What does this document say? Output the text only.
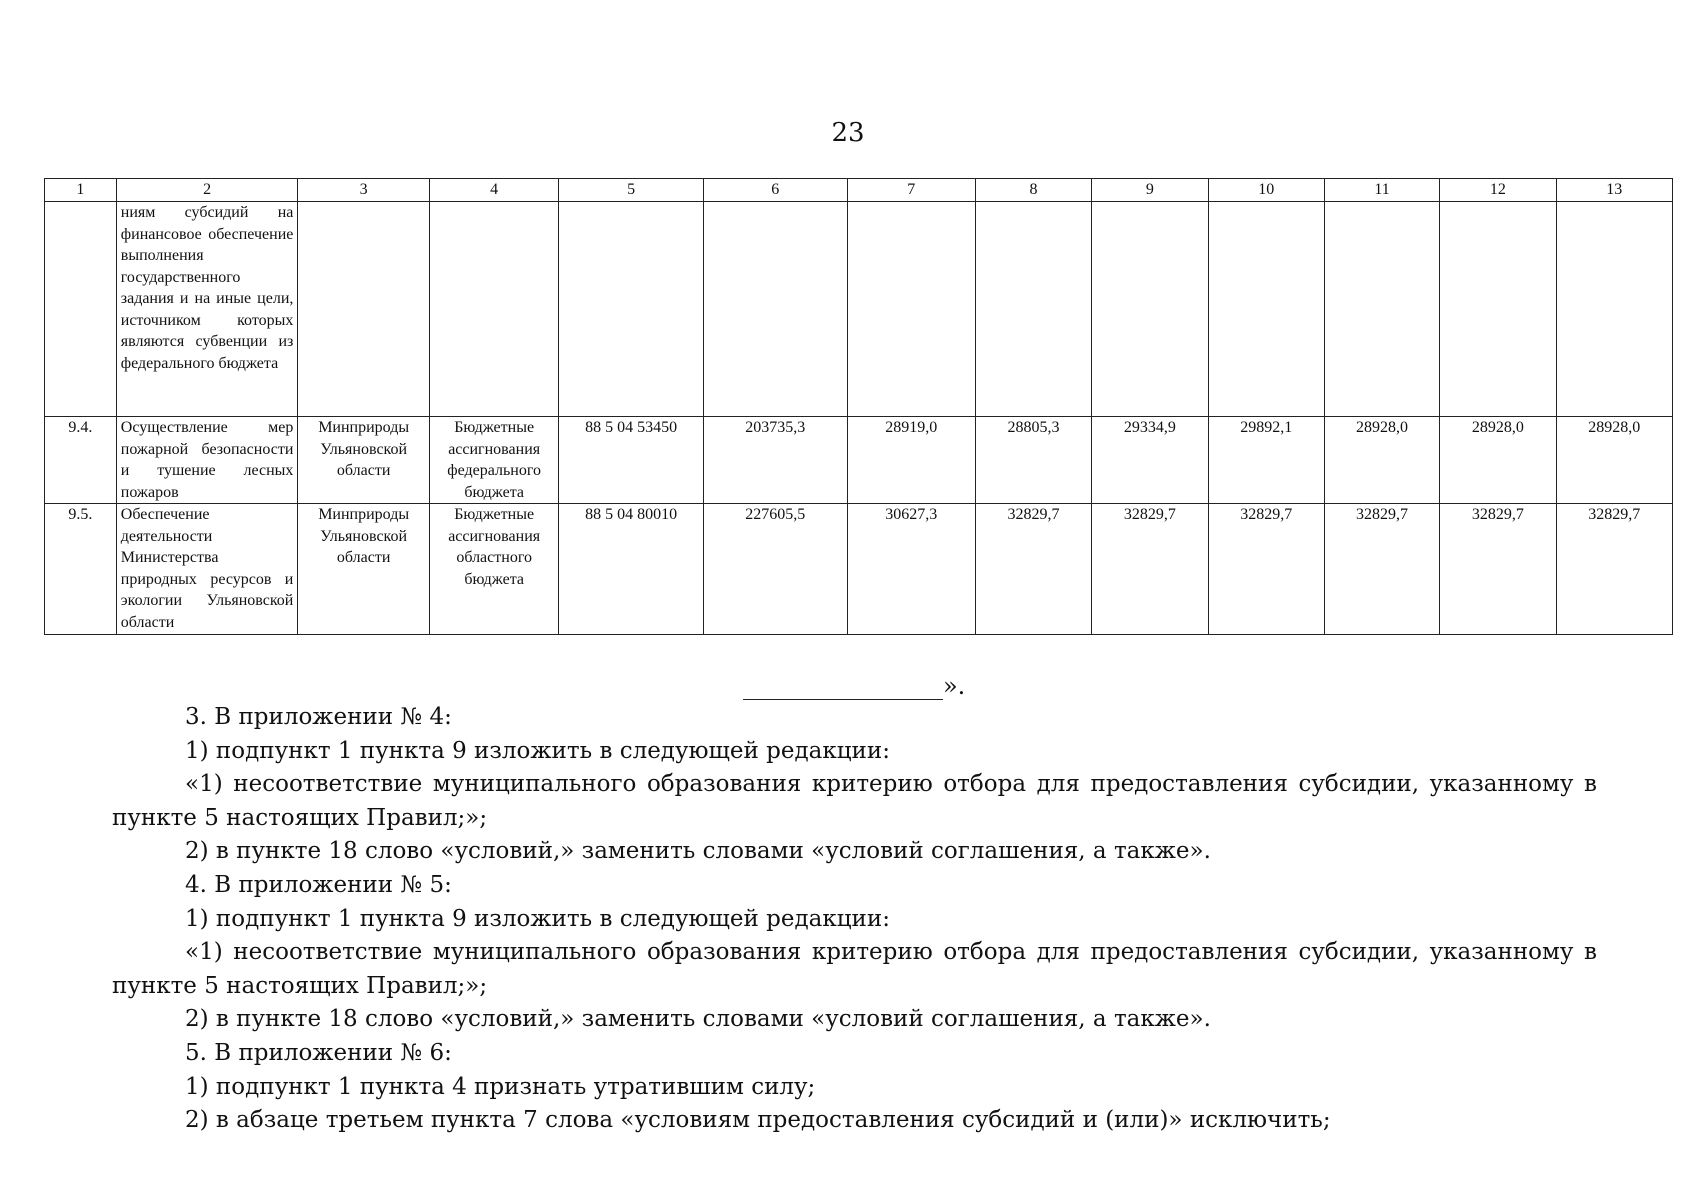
23
1	2	3	4	5	6	7	8	9	10	11	12	13
	ниям субсидий на финансовое обеспечение выполнения государственного задания и на иные цели, источником которых являются субвенции из федерального бюджета											
9.4.	Осуществление мер пожарной безопасности и тушение лесных пожаров	Минприроды Ульяновской области	Бюджетные ассигнования федерального бюджета	88 5 04 53450	203735,3	28919,0	28805,3	29334,9	29892,1	28928,0	28928,0	28928,0
9.5.	Обеспечение деятельности Министерства природных ресурсов и экологии Ульяновской области	Минприроды Ульяновской области	Бюджетные ассигнования областного бюджета	88 5 04 80010	227605,5	30627,3	32829,7	32829,7	32829,7	32829,7	32829,7	32829,7
».

3. В приложении № 4:

1) подпункт 1 пункта 9 изложить в следующей редакции:

«1) несоответствие муниципального образования критерию отбора для предоставления субсидии, указанному в пункте 5 настоящих Правил;»;

2) в пункте 18 слово «условий,» заменить словами «условий соглашения, а также».

4. В приложении № 5:

1) подпункт 1 пункта 9 изложить в следующей редакции:

«1) несоответствие муниципального образования критерию отбора для предоставления субсидии, указанному в пункте 5 настоящих Правил;»;

2) в пункте 18 слово «условий,» заменить словами «условий соглашения, а также».

5. В приложении № 6:

1) подпункт 1 пункта 4 признать утратившим силу;

2) в абзаце третьем пункта 7 слова «условиям предоставления субсидий и (или)» исключить;
